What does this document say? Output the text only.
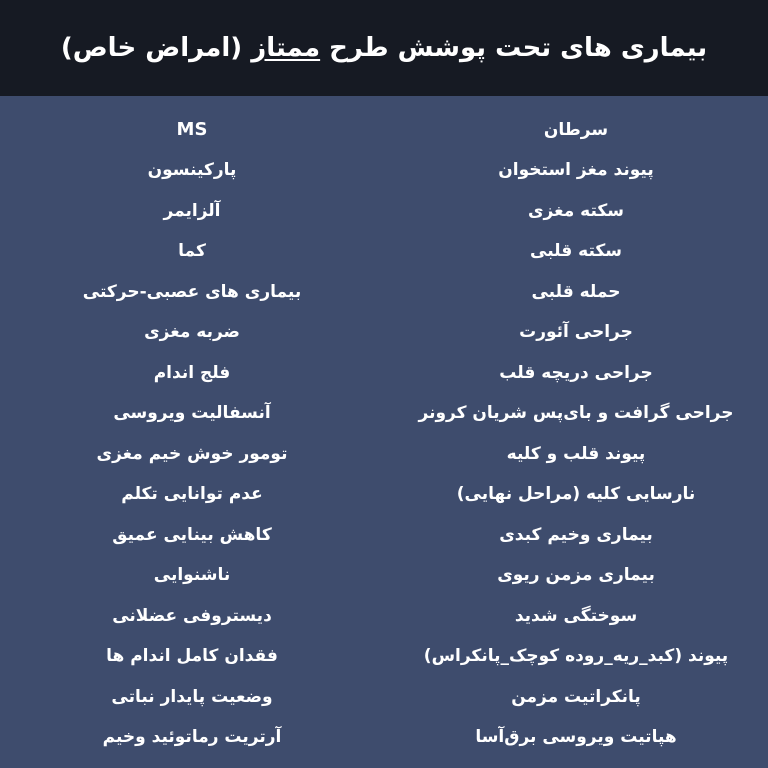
بیماری های تحت پوشش طرح ممتاز (امراض خاص)
سرطان
پیوند مغز استخوان
سکته مغزی
سکته قلبی
حمله قلبی
جراحی آئورت
جراحی دریچه قلب
جراحی گرافت و بای‌پس شریان کرونر
پیوند قلب و کلیه
نارسایی کلیه (مراحل نهایی)
بیماری وخیم کبدی
بیماری مزمن ریوی
سوختگی شدید
پیوند (کبد_ریه_روده کوچک_پانکراس)
پانکراتیت مزمن
هپاتیت ویروسی برق‌آسا
MS
پارکینسون
آلزایمر
کما
بیماری های عصبی-حرکتی
ضربه مغزی
فلج اندام
آنسفالیت ویروسی
تومور خوش خیم مغزی
عدم توانایی تکلم
کاهش بینایی عمیق
ناشنوایی
دیستروفی عضلانی
فقدان کامل اندام ها
وضعیت پایدار نباتی
آرتریت رماتوئید وخیم
